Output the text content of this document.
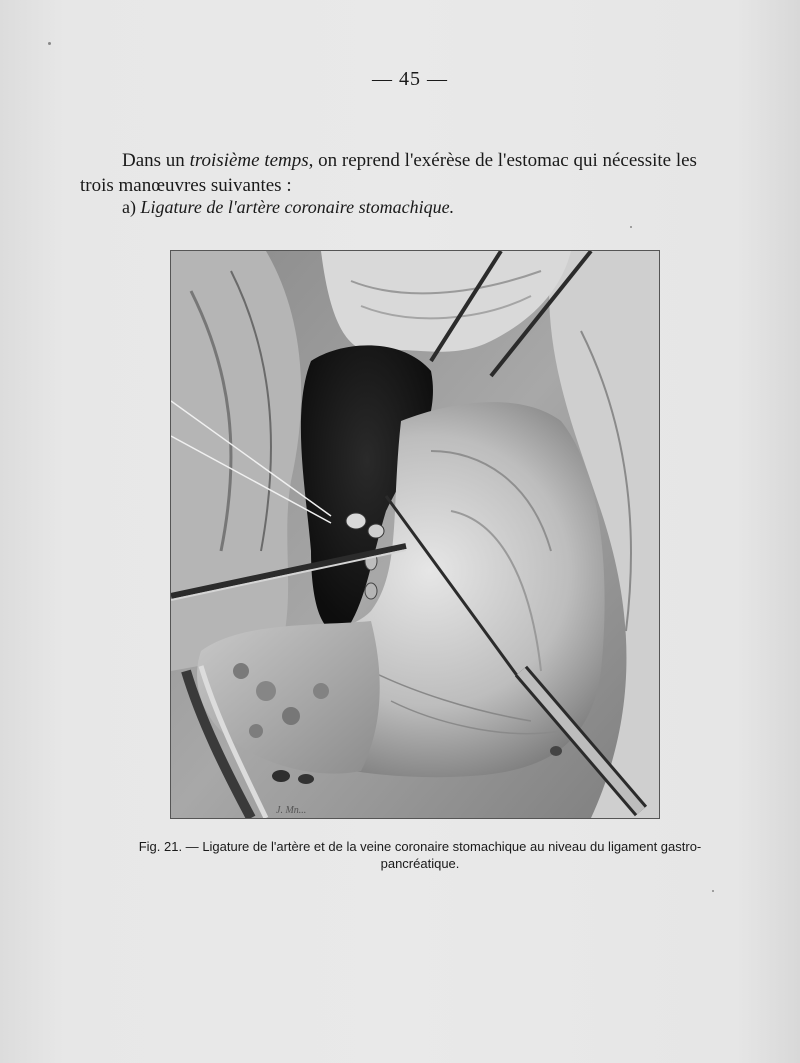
— 45 —
Dans un troisième temps, on reprend l'exérèse de l'estomac qui nécessite les trois manœuvres suivantes :
a) Ligature de l'artère coronaire stomachique.
J. Mn...
Fig. 21. — Ligature de l'artère et de la veine coronaire stomachique au niveau du ligament gastro-pancréatique.
